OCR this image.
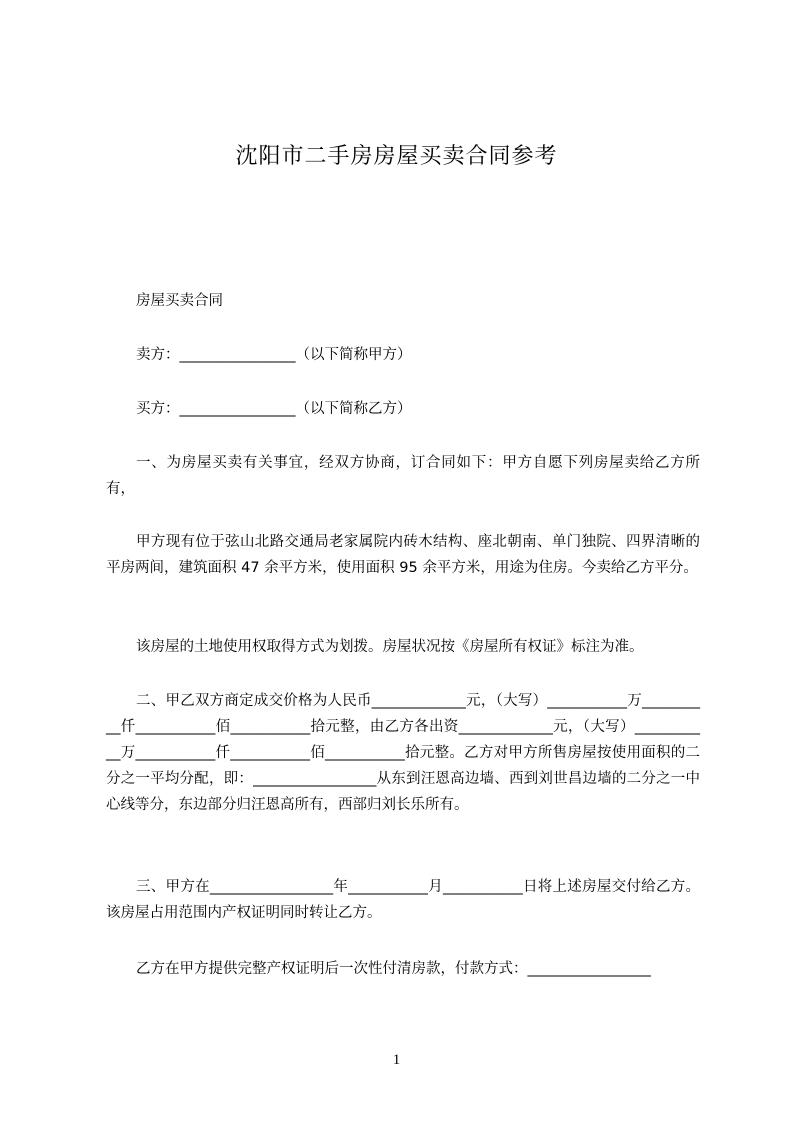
沈阳市二手房房屋买卖合同参考

房屋买卖合同

卖方：________________（以下简称甲方）

买方：________________（以下简称乙方）

一、为房屋买卖有关事宜，经双方协商，订合同如下：甲方自愿下列房屋卖给乙方所有，

甲方现有位于弦山北路交通局老家属院内砖木结构、座北朝南、单门独院、四界清晰的平房两间，建筑面积 47 余平方米，使用面积 95 余平方米，用途为住房。今卖给乙方平分。

该房屋的土地使用权取得方式为划拨。房屋状况按《房屋所有权证》标注为准。

二、甲乙双方商定成交价格为人民币_____________元，（大写）___________万__________仟___________佰___________拾元整，由乙方各出资_____________元，（大写）___________万___________仟___________佰___________拾元整。乙方对甲方所售房屋按使用面积的二分之一平均分配，即：_________________从东到汪恩高边墙、西到刘世昌边墙的二分之一中心线等分，东边部分归汪恩高所有，西部归刘长乐所有。

三、甲方在_________________年___________月___________日将上述房屋交付给乙方。该房屋占用范围内产权证明同时转让乙方。

乙方在甲方提供完整产权证明后一次性付清房款，付款方式：_________________

1
